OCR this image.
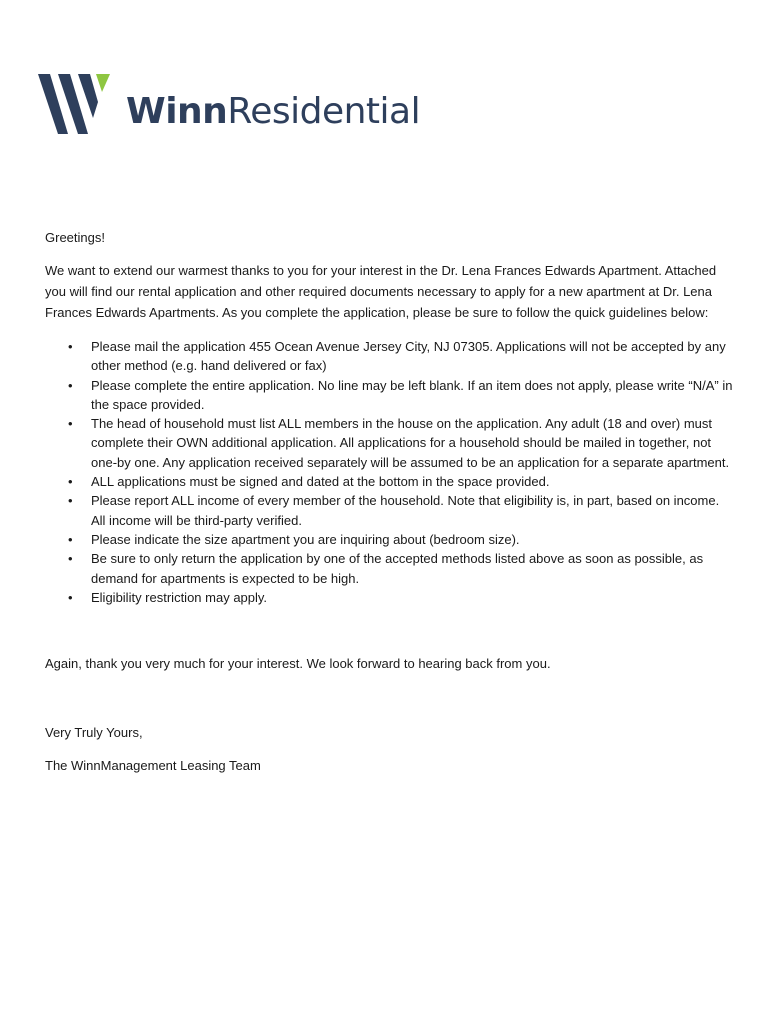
WinnResidential

Greetings!

We want to extend our warmest thanks to you for your interest in the Dr. Lena Frances Edwards Apartment. Attached you will find our rental application and other required documents necessary to apply for a new apartment at Dr. Lena Frances Edwards Apartments. As you complete the application, please be sure to follow the quick guidelines below:

• Please mail the application 455 Ocean Avenue Jersey City, NJ 07305. Applications will not be accepted by any other method (e.g. hand delivered or fax)
• Please complete the entire application. No line may be left blank. If an item does not apply, please write “N/A” in the space provided.
• The head of household must list ALL members in the house on the application. Any adult (18 and over) must complete their OWN additional application. All applications for a household should be mailed in together, not one-by one. Any application received separately will be assumed to be an application for a separate apartment.
• ALL applications must be signed and dated at the bottom in the space provided.
• Please report ALL income of every member of the household. Note that eligibility is, in part, based on income. All income will be third-party verified.
• Please indicate the size apartment you are inquiring about (bedroom size).
• Be sure to only return the application by one of the accepted methods listed above as soon as possible, as demand for apartments is expected to be high.
• Eligibility restriction may apply.

Again, thank you very much for your interest. We look forward to hearing back from you.

Very Truly Yours,

The WinnManagement Leasing Team
